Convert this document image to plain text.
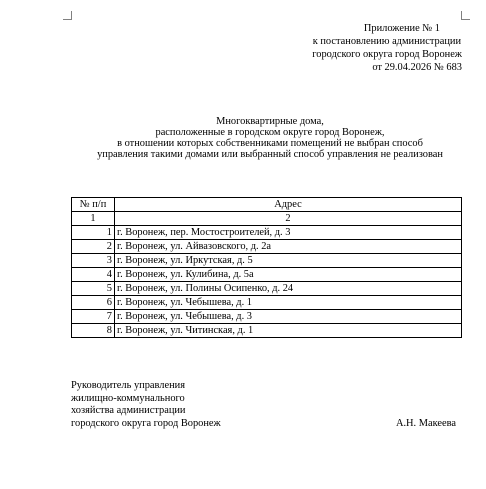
Приложение № 1
к постановлению администрации
городского округа город Воронеж
от 29.04.2026 № 683
Многоквартирные дома,
расположенные в городском округе город Воронеж,
в отношении которых собственниками помещений не выбран способ
управления такими домами или выбранный способ управления не реализован
№ п/п	Адрес
1	2
1	г. Воронеж, пер. Мостостроителей, д. 3
2	г. Воронеж, ул. Айвазовского, д. 2а
3	г. Воронеж, ул. Иркутская, д. 5
4	г. Воронеж, ул. Кулибина, д. 5а
5	г. Воронеж, ул. Полины Осипенко, д. 24
6	г. Воронеж, ул. Чебышева, д. 1
7	г. Воронеж, ул. Чебышева, д. 3
8	г. Воронеж, ул. Читинская, д. 1
Руководитель управления
жилищно-коммунального
хозяйства администрации
городского округа город Воронеж	А.Н. Макеева
